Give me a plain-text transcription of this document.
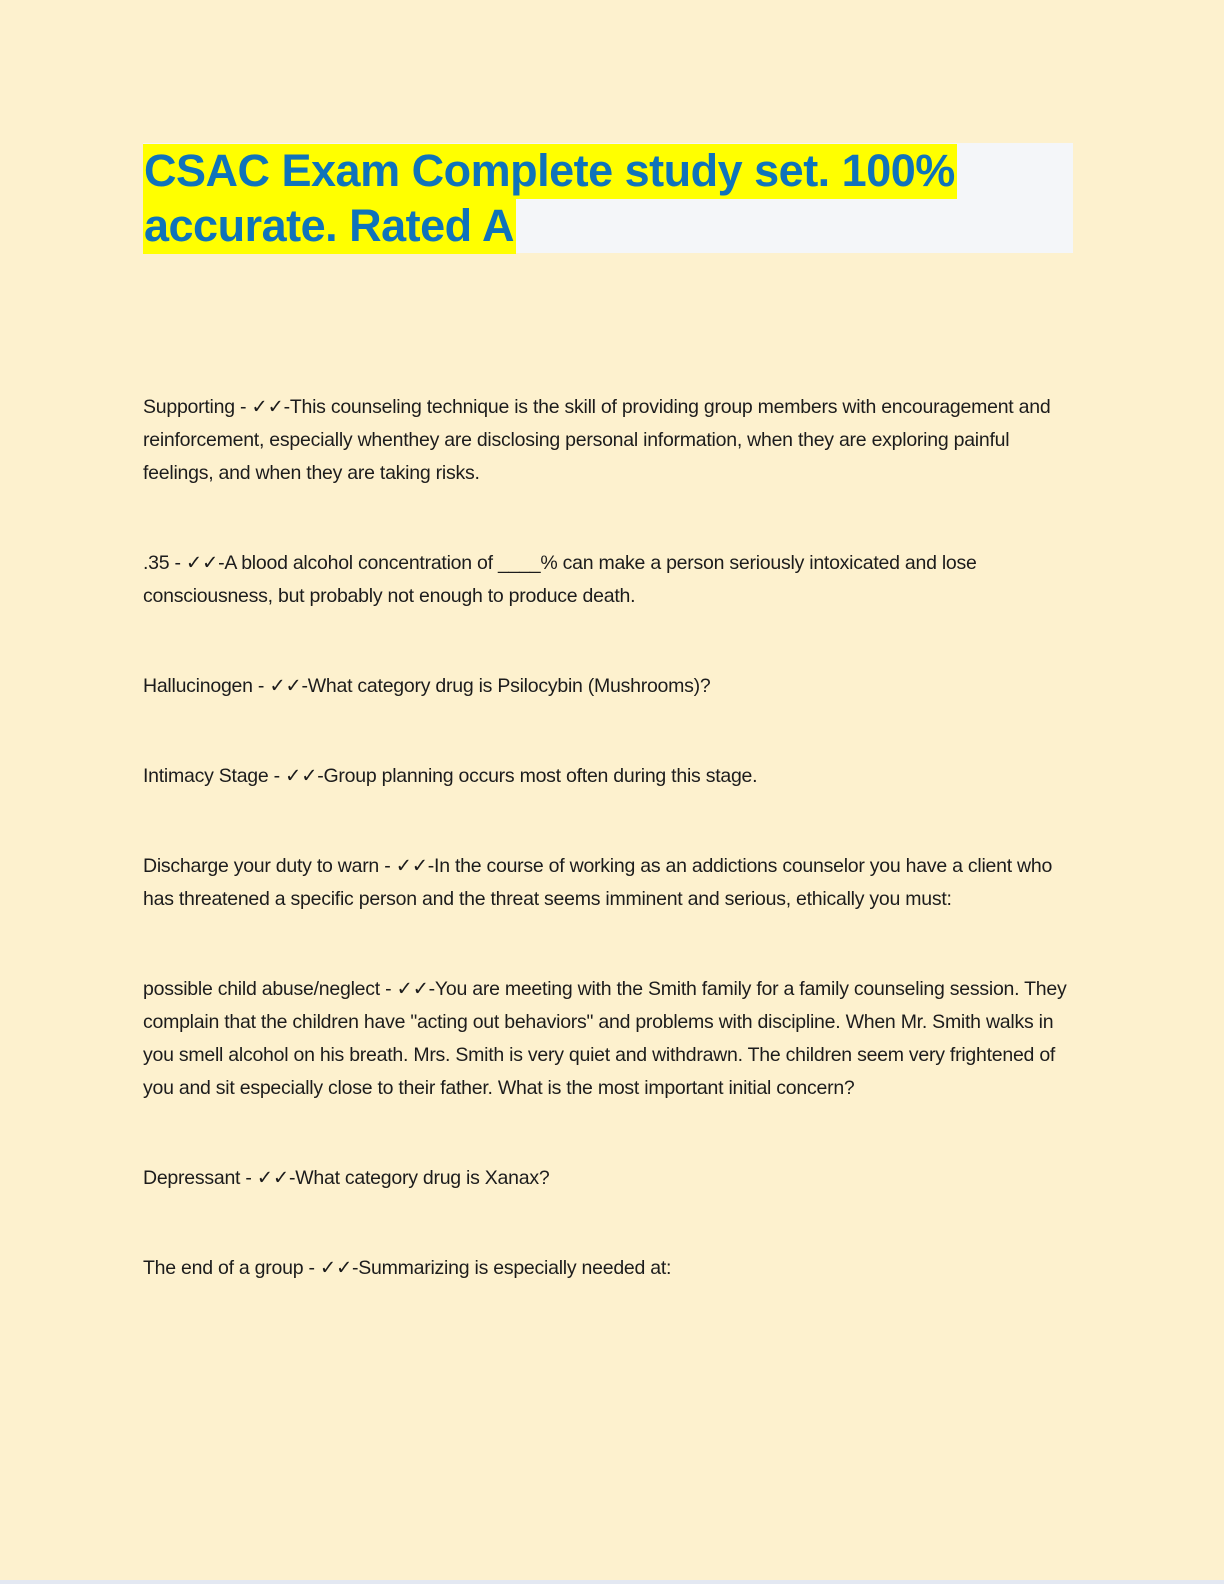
CSAC Exam Complete study set. 100% accurate. Rated A

Supporting - ✓✓-This counseling technique is the skill of providing group members with encouragement and reinforcement, especially whenthey are disclosing personal information, when they are exploring painful feelings, and when they are taking risks.

.35 - ✓✓-A blood alcohol concentration of ____% can make a person seriously intoxicated and lose consciousness, but probably not enough to produce death.

Hallucinogen - ✓✓-What category drug is Psilocybin (Mushrooms)?

Intimacy Stage - ✓✓-Group planning occurs most often during this stage.

Discharge your duty to warn - ✓✓-In the course of working as an addictions counselor you have a client who has threatened a specific person and the threat seems imminent and serious, ethically you must:

possible child abuse/neglect - ✓✓-You are meeting with the Smith family for a family counseling session. They complain that the children have "acting out behaviors" and problems with discipline. When Mr. Smith walks in you smell alcohol on his breath. Mrs. Smith is very quiet and withdrawn. The children seem very frightened of you and sit especially close to their father. What is the most important initial concern?

Depressant - ✓✓-What category drug is Xanax?

The end of a group - ✓✓-Summarizing is especially needed at:
